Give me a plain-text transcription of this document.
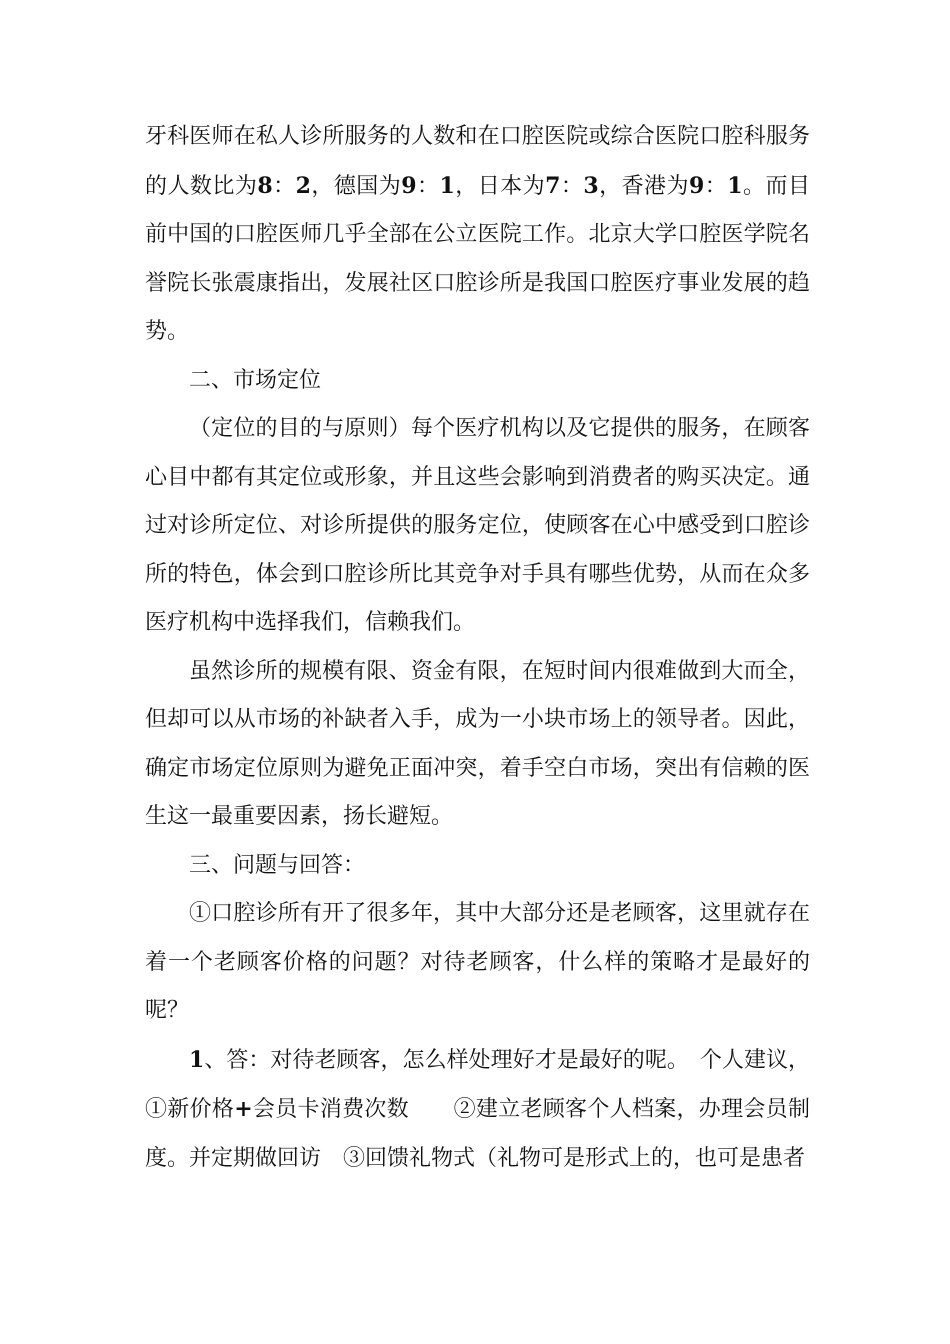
牙科医师在私人诊所服务的人数和在口腔医院或综合医院口腔科服务的人数比为8：2，德国为9：1，日本为7：3，香港为9：1。而目前中国的口腔医师几乎全部在公立医院工作。北京大学口腔医学院名誉院长张震康指出，发展社区口腔诊所是我国口腔医疗事业发展的趋势。

二、市场定位

（定位的目的与原则）每个医疗机构以及它提供的服务，在顾客心目中都有其定位或形象，并且这些会影响到消费者的购买决定。通过对诊所定位、对诊所提供的服务定位，使顾客在心中感受到口腔诊所的特色，体会到口腔诊所比其竞争对手具有哪些优势，从而在众多医疗机构中选择我们，信赖我们。

虽然诊所的规模有限、资金有限，在短时间内很难做到大而全，但却可以从市场的补缺者入手，成为一小块市场上的领导者。因此，确定市场定位原则为避免正面冲突，着手空白市场，突出有信赖的医生这一最重要因素，扬长避短。

三、问题与回答：

①口腔诊所有开了很多年，其中大部分还是老顾客，这里就存在着一个老顾客价格的问题？对待老顾客，什么样的策略才是最好的呢？

1、答：对待老顾客，怎么样处理好才是最好的呢。　个人建议，①新价格+会员卡消费次数　　②建立老顾客个人档案，办理会员制度。并定期做回访　③回馈礼物式（礼物可是形式上的，也可是患者
